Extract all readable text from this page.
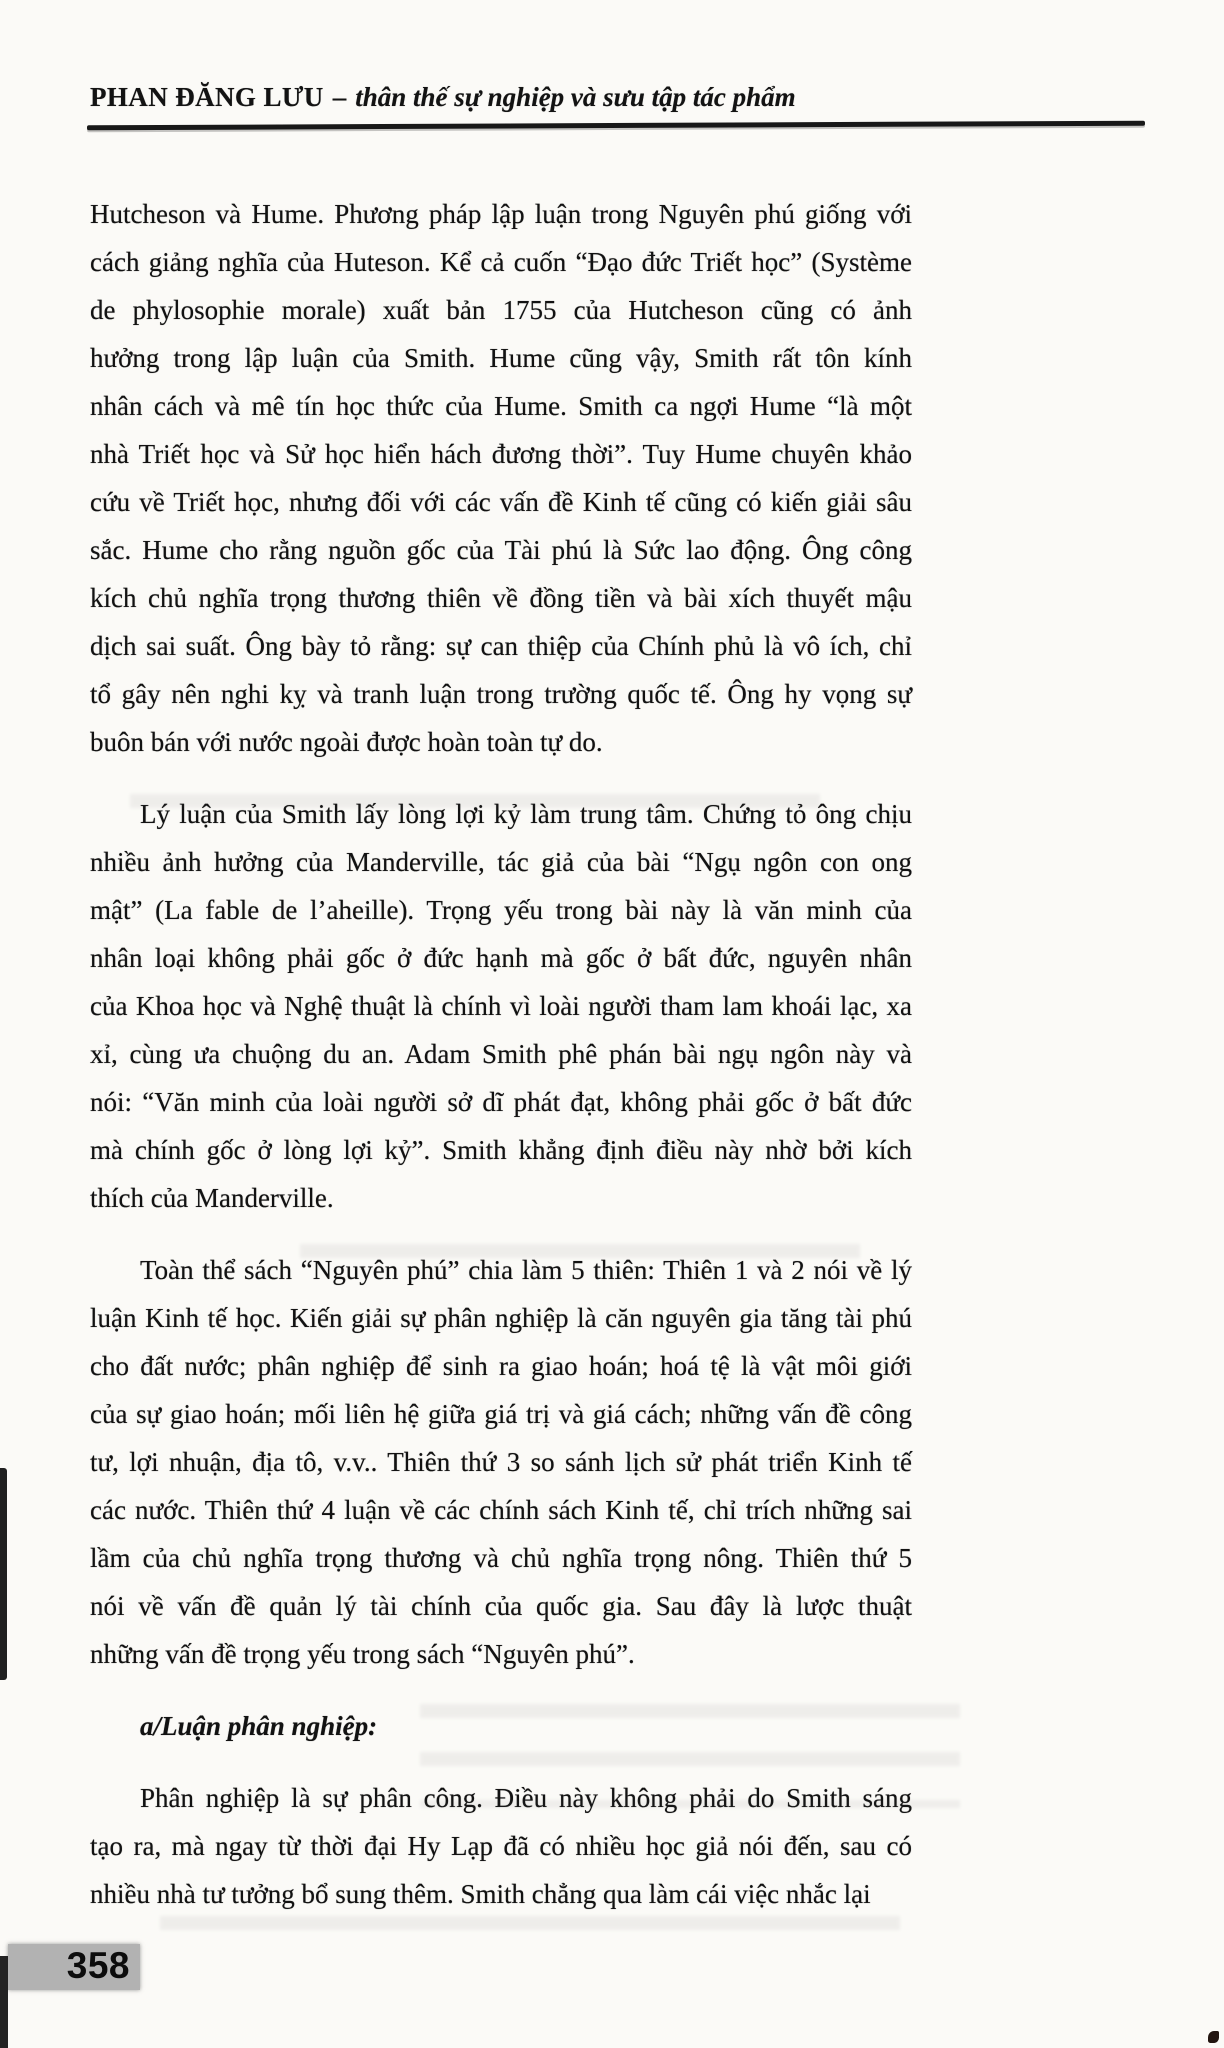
PHAN ĐĂNG LƯU – thân thế sự nghiệp và sưu tập tác phẩm
Hutcheson và Hume. Phương pháp lập luận trong Nguyên phú giống với
cách giảng nghĩa của Huteson. Kể cả cuốn “Đạo đức Triết học” (Système
de phylosophie morale) xuất bản 1755 của Hutcheson cũng có ảnh
hưởng trong lập luận của Smith. Hume cũng vậy, Smith rất tôn kính
nhân cách và mê tín học thức của Hume. Smith ca ngợi Hume “là một
nhà Triết học và Sử học hiển hách đương thời”. Tuy Hume chuyên khảo
cứu về Triết học, nhưng đối với các vấn đề Kinh tế cũng có kiến giải sâu
sắc. Hume cho rằng nguồn gốc của Tài phú là Sức lao động. Ông công
kích chủ nghĩa trọng thương thiên về đồng tiền và bài xích thuyết mậu
dịch sai suất. Ông bày tỏ rằng: sự can thiệp của Chính phủ là vô ích, chỉ
tổ gây nên nghi kỵ và tranh luận trong trường quốc tế. Ông hy vọng sự
buôn bán với nước ngoài được hoàn toàn tự do.
Lý luận của Smith lấy lòng lợi kỷ làm trung tâm. Chứng tỏ ông chịu
nhiều ảnh hưởng của Manderville, tác giả của bài “Ngụ ngôn con ong
mật” (La fable de l’aheille). Trọng yếu trong bài này là văn minh của
nhân loại không phải gốc ở đức hạnh mà gốc ở bất đức, nguyên nhân
của Khoa học và Nghệ thuật là chính vì loài người tham lam khoái lạc, xa
xỉ, cùng ưa chuộng du an. Adam Smith phê phán bài ngụ ngôn này và
nói: “Văn minh của loài người sở dĩ phát đạt, không phải gốc ở bất đức
mà chính gốc ở lòng lợi kỷ”. Smith khẳng định điều này nhờ bởi kích
thích của Manderville.
Toàn thể sách “Nguyên phú” chia làm 5 thiên: Thiên 1 và 2 nói về lý
luận Kinh tế học. Kiến giải sự phân nghiệp là căn nguyên gia tăng tài phú
cho đất nước; phân nghiệp để sinh ra giao hoán; hoá tệ là vật môi giới
của sự giao hoán; mối liên hệ giữa giá trị và giá cách; những vấn đề công
tư, lợi nhuận, địa tô, v.v.. Thiên thứ 3 so sánh lịch sử phát triển Kinh tế
các nước. Thiên thứ 4 luận về các chính sách Kinh tế, chỉ trích những sai
lầm của chủ nghĩa trọng thương và chủ nghĩa trọng nông. Thiên thứ 5
nói về vấn đề quản lý tài chính của quốc gia. Sau đây là lược thuật
những vấn đề trọng yếu trong sách “Nguyên phú”.
a/Luận phân nghiệp:
Phân nghiệp là sự phân công. Điều này không phải do Smith sáng
tạo ra, mà ngay từ thời đại Hy Lạp đã có nhiều học giả nói đến, sau có
nhiều nhà tư tưởng bổ sung thêm. Smith chẳng qua làm cái việc nhắc lại
358
